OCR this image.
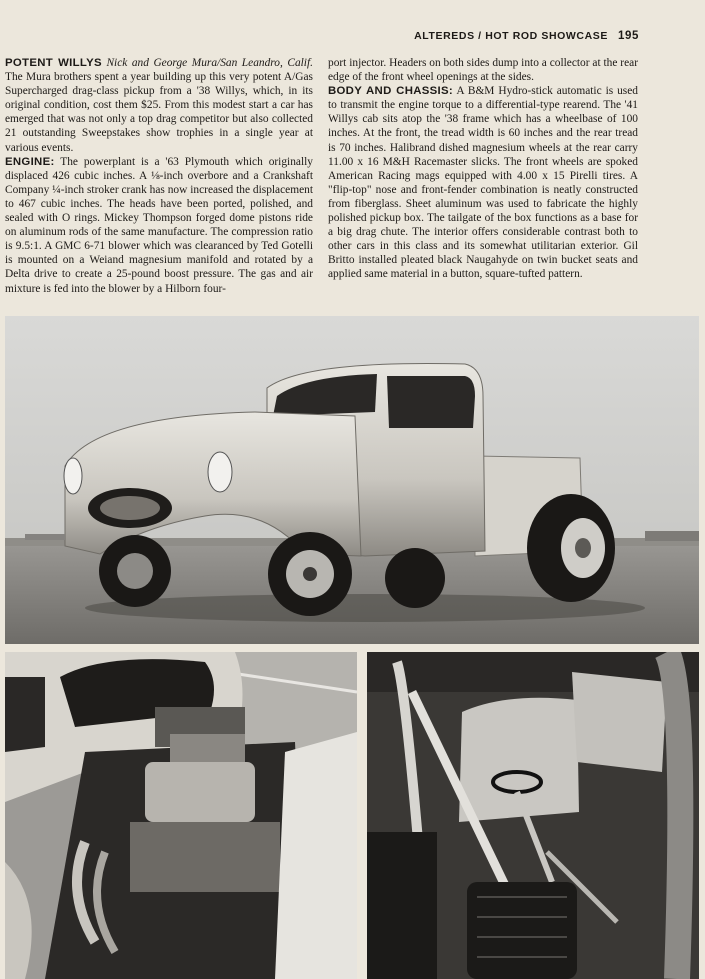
ALTEREDS / HOT ROD SHOWCASE 195

POTENT WILLYS Nick and George Mura/San Leandro, Calif. The Mura brothers spent a year building up this very potent A/Gas Supercharged drag-class pickup from a '38 Willys, which, in its original condition, cost them $25. From this modest start a car has emerged that was not only a top drag competitor but also collected 21 outstanding Sweepstakes show trophies in a single year at various events.

ENGINE: The powerplant is a '63 Plymouth which originally displaced 426 cubic inches. A ⅛-inch overbore and a Crankshaft Company ¼-inch stroker crank has now increased the displacement to 467 cubic inches. The heads have been ported, polished, and sealed with O rings. Mickey Thompson forged dome pistons ride on aluminum rods of the same manufacture. The compression ratio is 9.5:1. A GMC 6-71 blower which was clearanced by Ted Gotelli is mounted on a Weiand magnesium manifold and rotated by a Delta drive to create a 25-pound boost pressure. The gas and air mixture is fed into the blower by a Hilborn four-

port injector. Headers on both sides dump into a collector at the rear edge of the front wheel openings at the sides.

BODY AND CHASSIS: A B&M Hydro-stick automatic is used to transmit the engine torque to a differential-type rearend. The '41 Willys cab sits atop the '38 frame which has a wheelbase of 100 inches. At the front, the tread width is 60 inches and the rear tread is 70 inches. Halibrand dished magnesium wheels at the rear carry 11.00 x 16 M&H Racemaster slicks. The front wheels are spoked American Racing mags equipped with 4.00 x 15 Pirelli tires. A "flip-top" nose and front-fender combination is neatly constructed from fiberglass. Sheet aluminum was used to fabricate the highly polished pickup box. The tailgate of the box functions as a base for a big drag chute. The interior offers considerable contrast both to other cars in this class and its somewhat utilitarian exterior. Gil Britto installed pleated black Naugahyde on twin bucket seats and applied same material in a button, square-tufted pattern.
